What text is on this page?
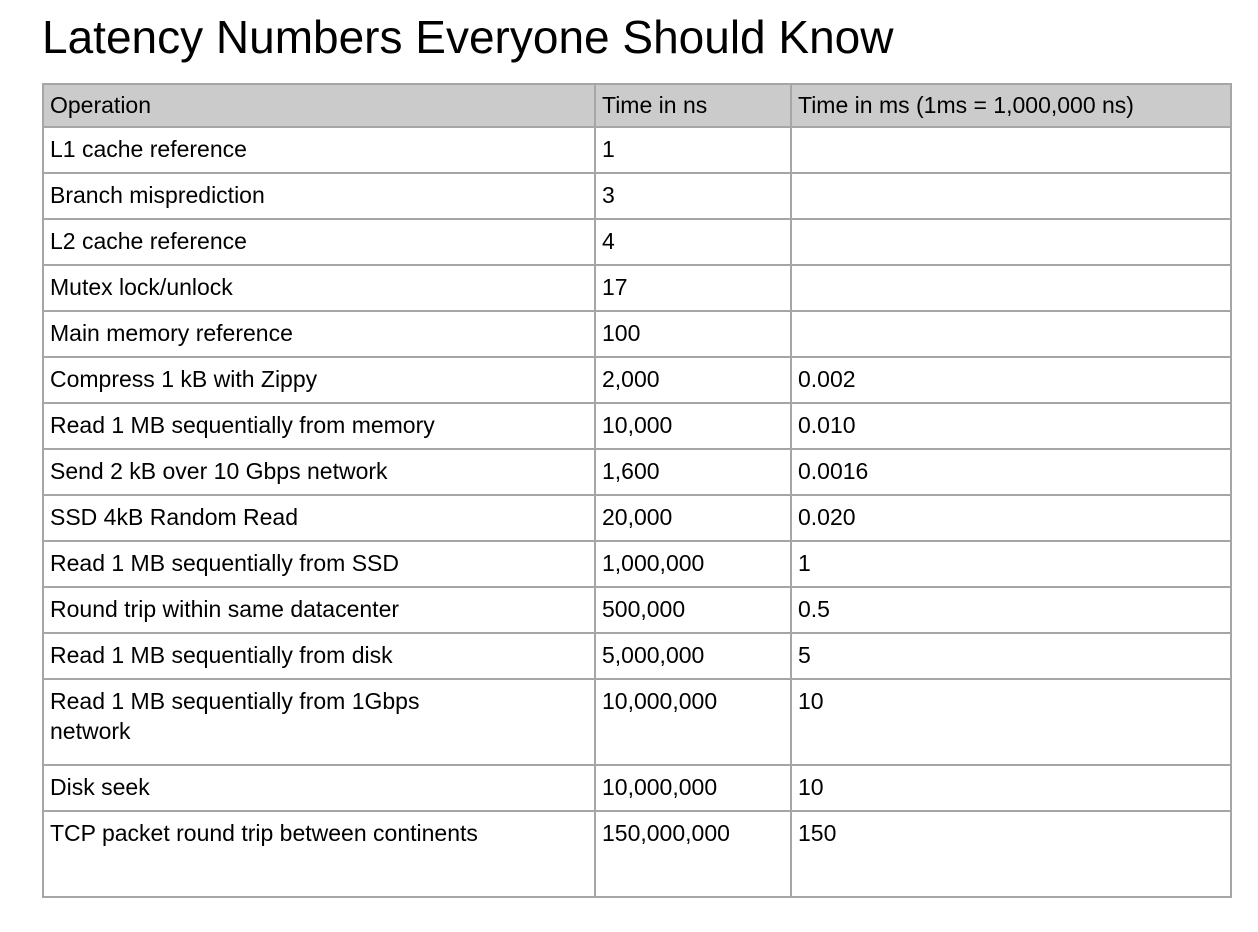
Latency Numbers Everyone Should Know
Operation	Time in ns	Time in ms (1ms = 1,000,000 ns)

L1 cache reference	1	

Branch misprediction	3	

L2 cache reference	4	

Mutex lock/unlock	17	

Main memory reference	100	

Compress 1 kB with Zippy	2,000	0.002

Read 1 MB sequentially from memory	10,000	0.010

Send 2 kB over 10 Gbps network	1,600	0.0016

SSD 4kB Random Read	20,000	0.020

Read 1 MB sequentially from SSD	1,000,000	1

Round trip within same datacenter	500,000	0.5

Read 1 MB sequentially from disk	5,000,000	5

Read 1 MB sequentially from 1Gbps network	10,000,000	10

Disk seek	10,000,000	10

TCP packet round trip between continents	150,000,000	150
